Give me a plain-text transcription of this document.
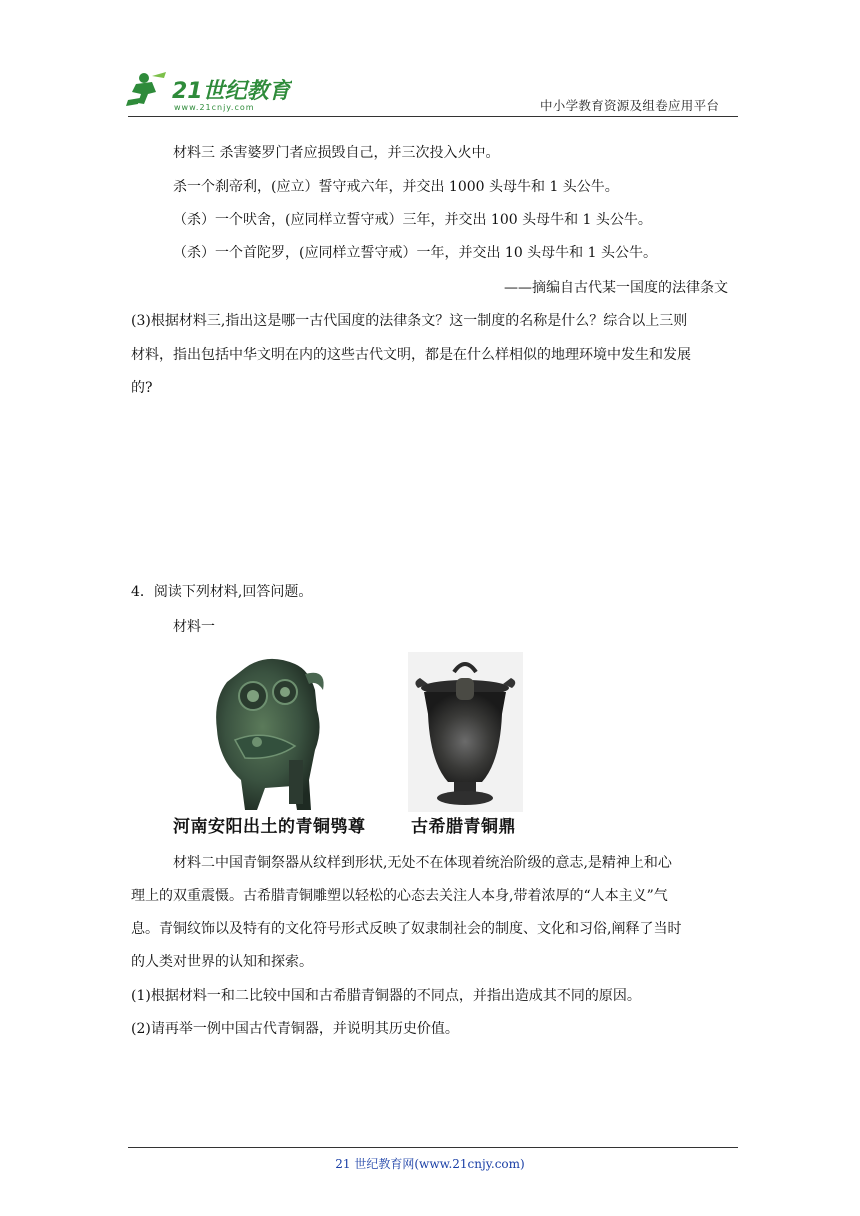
21世纪教育
www.21cnjy.com	中小学教育资源及组卷应用平台
材料三 杀害婆罗门者应损毁自己，并三次投入火中。
杀一个刹帝利，(应立）誓守戒六年，并交出 1000 头母牛和 1 头公牛。
（杀）一个吠舍，(应同样立誓守戒）三年，并交出 100 头母牛和 1 头公牛。
（杀）一个首陀罗，(应同样立誓守戒）一年，并交出 10 头母牛和 1 头公牛。
——摘编自古代某一国度的法律条文
(3)根据材料三,指出这是哪一古代国度的法律条文？这一制度的名称是什么？综合以上三则
材料，指出包括中华文明在内的这些古代文明，都是在什么样相似的地理环境中发生和发展
的?
4．阅读下列材料,回答问题。
材料一
河南安阳出土的青铜鸮尊	古希腊青铜鼎
材料二中国青铜祭器从纹样到形状,无处不在体现着统治阶级的意志,是精神上和心
理上的双重震慑。古希腊青铜雕塑以轻松的心态去关注人本身,带着浓厚的“人本主义”气
息。青铜纹饰以及特有的文化符号形式反映了奴隶制社会的制度、文化和习俗,阐释了当时
的人类对世界的认知和探索。
(1)根据材料一和二比较中国和古希腊青铜器的不同点，并指出造成其不同的原因。
(2)请再举一例中国古代青铜器，并说明其历史价值。
21 世纪教育网(www.21cnjy.com)
